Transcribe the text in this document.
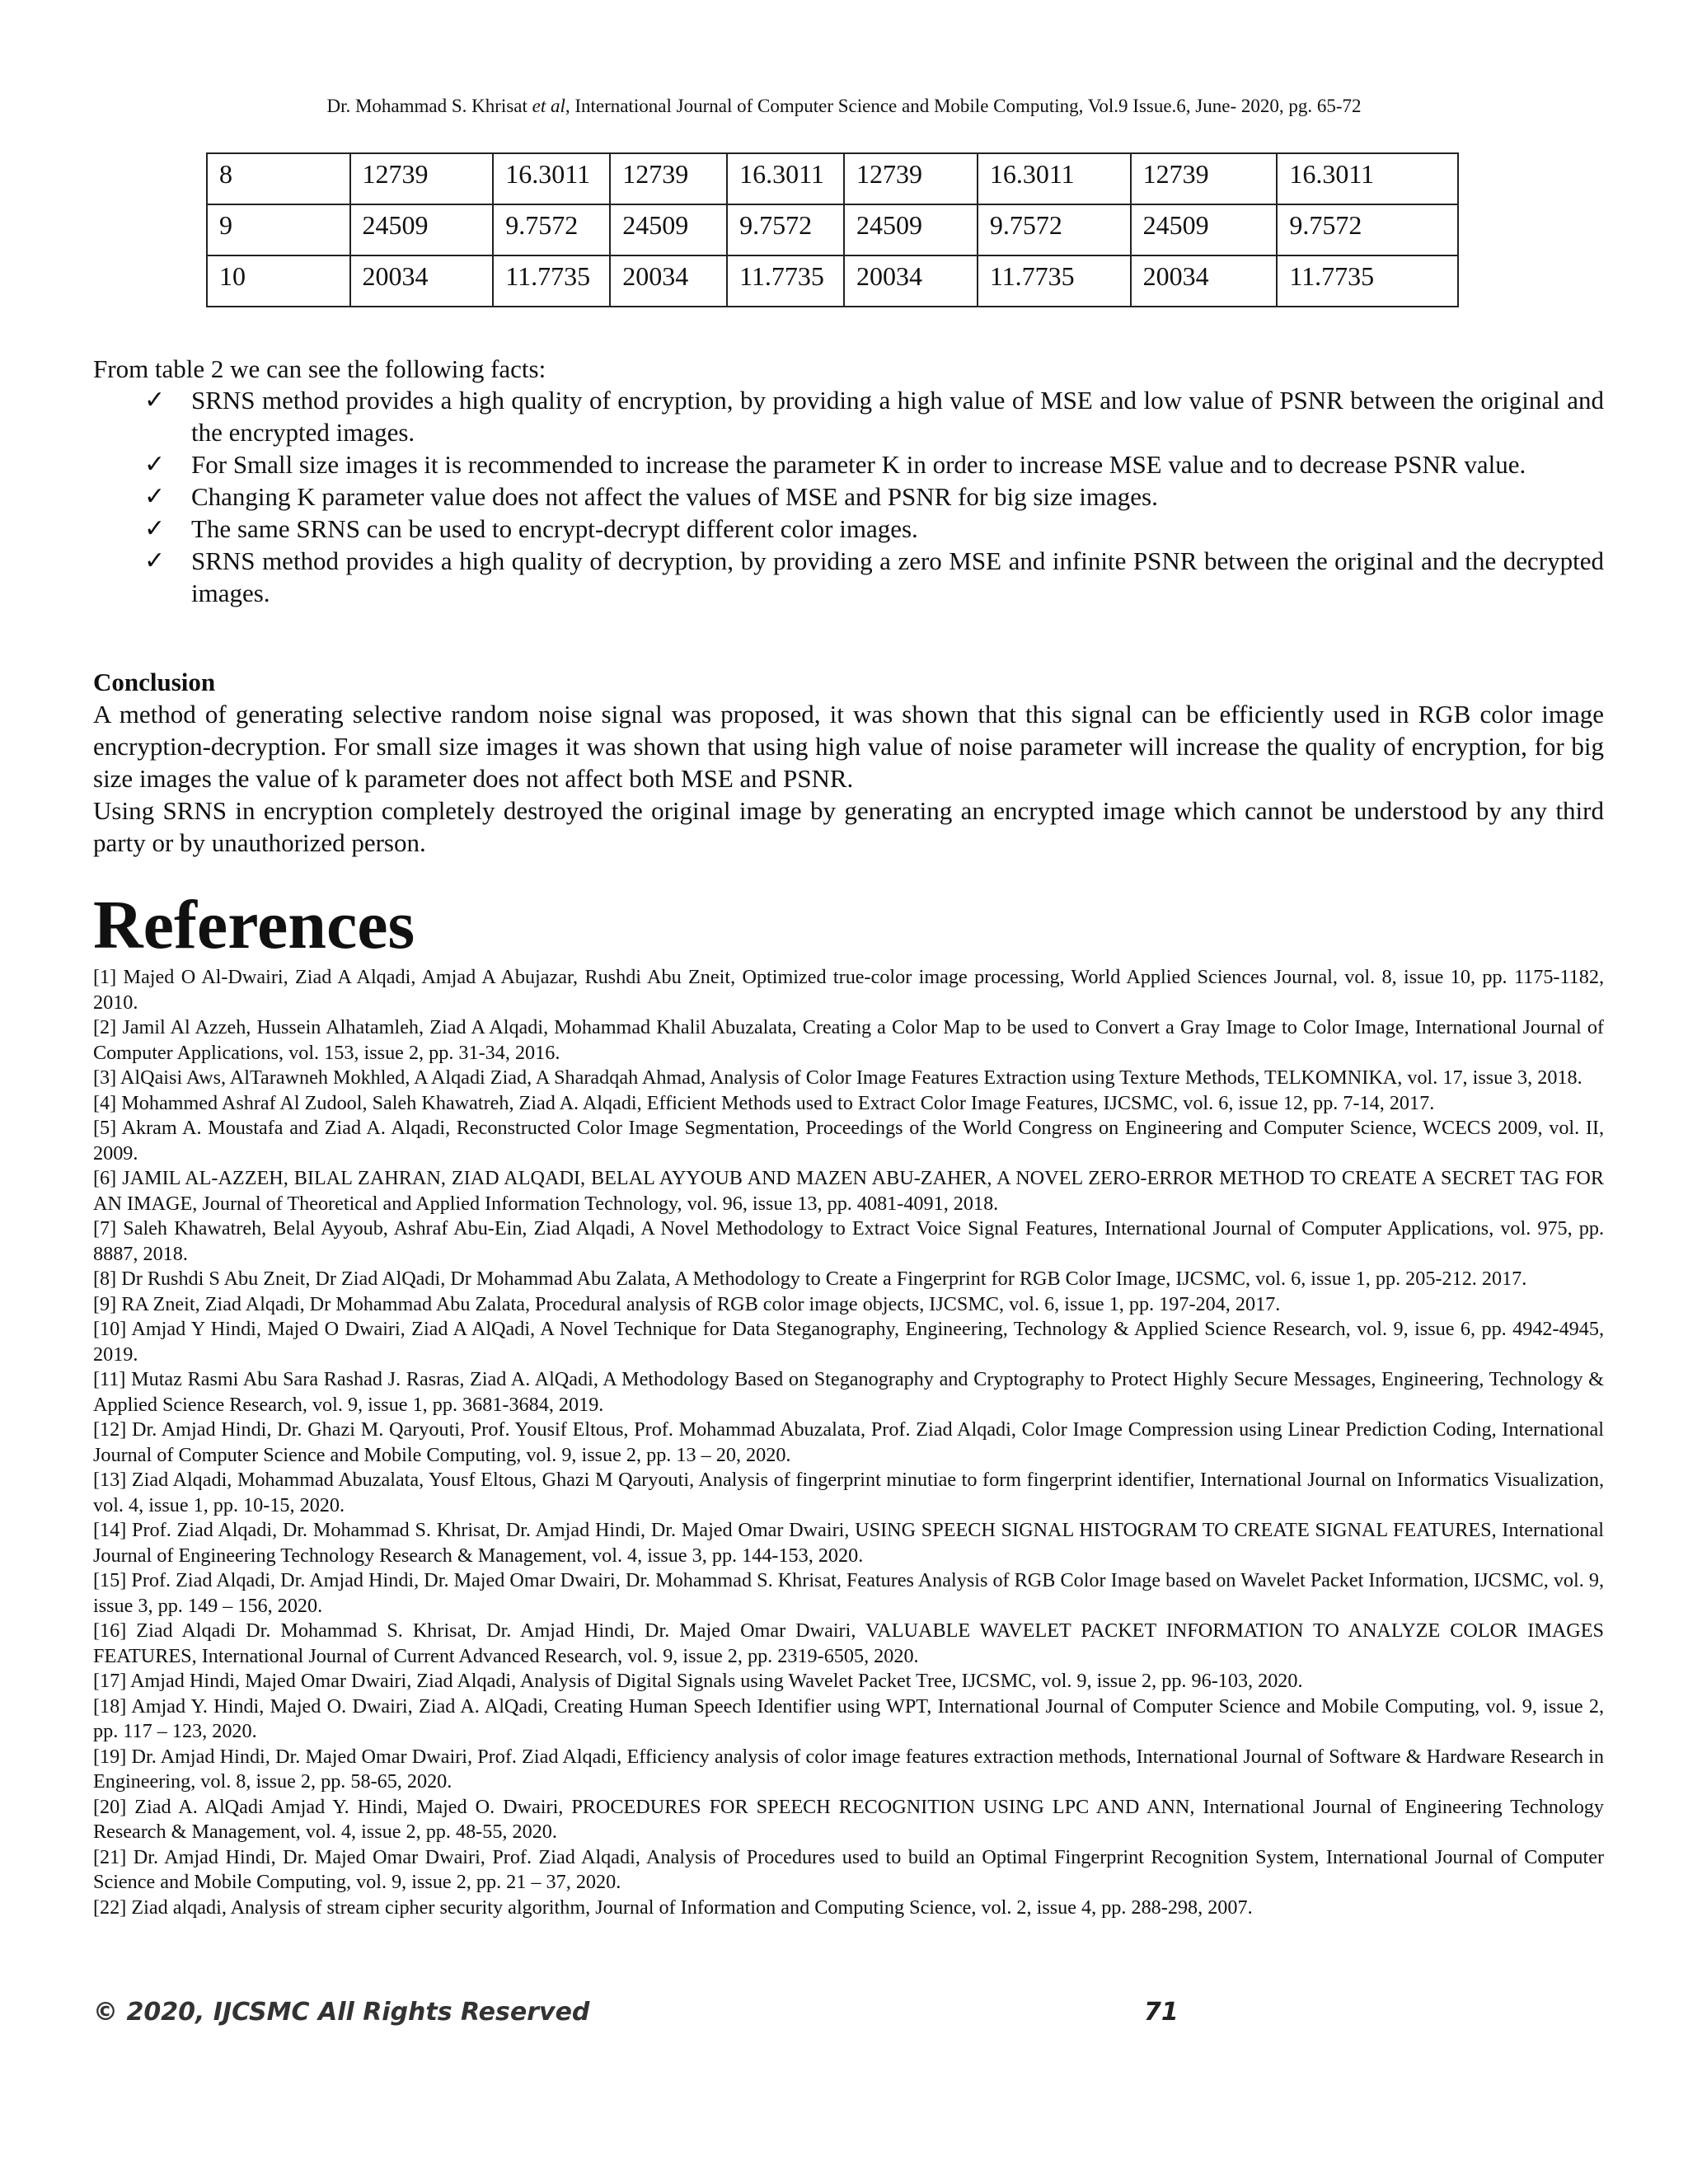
Dr. Mohammad S. Khrisat et al, International Journal of Computer Science and Mobile Computing, Vol.9 Issue.6, June- 2020, pg. 65-72
8	12739	16.3011	12739	16.3011	12739	16.3011	12739	16.3011
9	24509	9.7572	24509	9.7572	24509	9.7572	24509	9.7572
10	20034	11.7735	20034	11.7735	20034	11.7735	20034	11.7735
From table 2 we can see the following facts:
✓ SRNS method provides a high quality of encryption, by providing a high value of MSE and low value of PSNR between the original and the encrypted images.
✓ For Small size images it is recommended to increase the parameter K in order to increase MSE value and to decrease PSNR value.
✓ Changing K parameter value does not affect the values of MSE and PSNR for big size images.
✓ The same SRNS can be used to encrypt-decrypt different color images.
✓ SRNS method provides a high quality of decryption, by providing a zero MSE and infinite PSNR between the original and the decrypted images.
Conclusion

A method of generating selective random noise signal was proposed, it was shown that this signal can be efficiently used in RGB color image encryption-decryption. For small size images it was shown that using high value of noise parameter will increase the quality of encryption, for big size images the value of k parameter does not affect both MSE and PSNR.

Using SRNS in encryption completely destroyed the original image by generating an encrypted image which cannot be understood by any third party or by unauthorized person.

References

[1] Majed O Al-Dwairi, Ziad A Alqadi, Amjad A Abujazar, Rushdi Abu Zneit, Optimized true-color image processing, World Applied Sciences Journal, vol. 8, issue 10, pp. 1175-1182, 2010.

[2] Jamil Al Azzeh, Hussein Alhatamleh, Ziad A Alqadi, Mohammad Khalil Abuzalata, Creating a Color Map to be used to Convert a Gray Image to Color Image, International Journal of Computer Applications, vol. 153, issue 2, pp. 31-34, 2016.

[3] AlQaisi Aws, AlTarawneh Mokhled, A Alqadi Ziad, A Sharadqah Ahmad, Analysis of Color Image Features Extraction using Texture Methods, TELKOMNIKA, vol. 17, issue 3, 2018.

[4] Mohammed Ashraf Al Zudool, Saleh Khawatreh, Ziad A. Alqadi, Efficient Methods used to Extract Color Image Features, IJCSMC, vol. 6, issue 12, pp. 7-14, 2017.

[5] Akram A. Moustafa and Ziad A. Alqadi, Reconstructed Color Image Segmentation, Proceedings of the World Congress on Engineering and Computer Science, WCECS 2009, vol. II, 2009.

[6] JAMIL AL-AZZEH, BILAL ZAHRAN, ZIAD ALQADI, BELAL AYYOUB AND MAZEN ABU-ZAHER, A NOVEL ZERO-ERROR METHOD TO CREATE A SECRET TAG FOR AN IMAGE, Journal of Theoretical and Applied Information Technology, vol. 96, issue 13, pp. 4081-4091, 2018.

[7] Saleh Khawatreh, Belal Ayyoub, Ashraf Abu-Ein, Ziad Alqadi, A Novel Methodology to Extract Voice Signal Features, International Journal of Computer Applications, vol. 975, pp. 8887, 2018.

[8] Dr Rushdi S Abu Zneit, Dr Ziad AlQadi, Dr Mohammad Abu Zalata, A Methodology to Create a Fingerprint for RGB Color Image, IJCSMC, vol. 6, issue 1, pp. 205-212. 2017.

[9] RA Zneit, Ziad Alqadi, Dr Mohammad Abu Zalata, Procedural analysis of RGB color image objects, IJCSMC, vol. 6, issue 1, pp. 197-204, 2017.

[10] Amjad Y Hindi, Majed O Dwairi, Ziad A AlQadi, A Novel Technique for Data Steganography, Engineering, Technology & Applied Science Research, vol. 9, issue 6, pp. 4942-4945, 2019.

[11] Mutaz Rasmi Abu Sara Rashad J. Rasras, Ziad A. AlQadi, A Methodology Based on Steganography and Cryptography to Protect Highly Secure Messages, Engineering, Technology & Applied Science Research, vol. 9, issue 1, pp. 3681-3684, 2019.

[12] Dr. Amjad Hindi, Dr. Ghazi M. Qaryouti, Prof. Yousif Eltous, Prof. Mohammad Abuzalata, Prof. Ziad Alqadi, Color Image Compression using Linear Prediction Coding, International Journal of Computer Science and Mobile Computing, vol. 9, issue 2, pp. 13 – 20, 2020.

[13] Ziad Alqadi, Mohammad Abuzalata, Yousf Eltous, Ghazi M Qaryouti, Analysis of fingerprint minutiae to form fingerprint identifier, International Journal on Informatics Visualization, vol. 4, issue 1, pp. 10-15, 2020.

[14] Prof. Ziad Alqadi, Dr. Mohammad S. Khrisat, Dr. Amjad Hindi, Dr. Majed Omar Dwairi, USING SPEECH SIGNAL HISTOGRAM TO CREATE SIGNAL FEATURES, International Journal of Engineering Technology Research & Management, vol. 4, issue 3, pp. 144-153, 2020.

[15] Prof. Ziad Alqadi, Dr. Amjad Hindi, Dr. Majed Omar Dwairi, Dr. Mohammad S. Khrisat, Features Analysis of RGB Color Image based on Wavelet Packet Information, IJCSMC, vol. 9, issue 3, pp. 149 – 156, 2020.

[16] Ziad Alqadi Dr. Mohammad S. Khrisat, Dr. Amjad Hindi, Dr. Majed Omar Dwairi, VALUABLE WAVELET PACKET INFORMATION TO ANALYZE COLOR IMAGES FEATURES, International Journal of Current Advanced Research, vol. 9, issue 2, pp. 2319-6505, 2020.

[17] Amjad Hindi, Majed Omar Dwairi, Ziad Alqadi, Analysis of Digital Signals using Wavelet Packet Tree, IJCSMC, vol. 9, issue 2, pp. 96-103, 2020.

[18] Amjad Y. Hindi, Majed O. Dwairi, Ziad A. AlQadi, Creating Human Speech Identifier using WPT, International Journal of Computer Science and Mobile Computing, vol. 9, issue 2, pp. 117 – 123, 2020.

[19] Dr. Amjad Hindi, Dr. Majed Omar Dwairi, Prof. Ziad Alqadi, Efficiency analysis of color image features extraction methods, International Journal of Software & Hardware Research in Engineering, vol. 8, issue 2, pp. 58-65, 2020.

[20] Ziad A. AlQadi Amjad Y. Hindi, Majed O. Dwairi, PROCEDURES FOR SPEECH RECOGNITION USING LPC AND ANN, International Journal of Engineering Technology Research & Management, vol. 4, issue 2, pp. 48-55, 2020.

[21] Dr. Amjad Hindi, Dr. Majed Omar Dwairi, Prof. Ziad Alqadi, Analysis of Procedures used to build an Optimal Fingerprint Recognition System, International Journal of Computer Science and Mobile Computing, vol. 9, issue 2, pp. 21 – 37, 2020.

[22] Ziad alqadi, Analysis of stream cipher security algorithm, Journal of Information and Computing Science, vol. 2, issue 4, pp. 288-298, 2007.

© 2020, IJCSMC All Rights Reserved	71
